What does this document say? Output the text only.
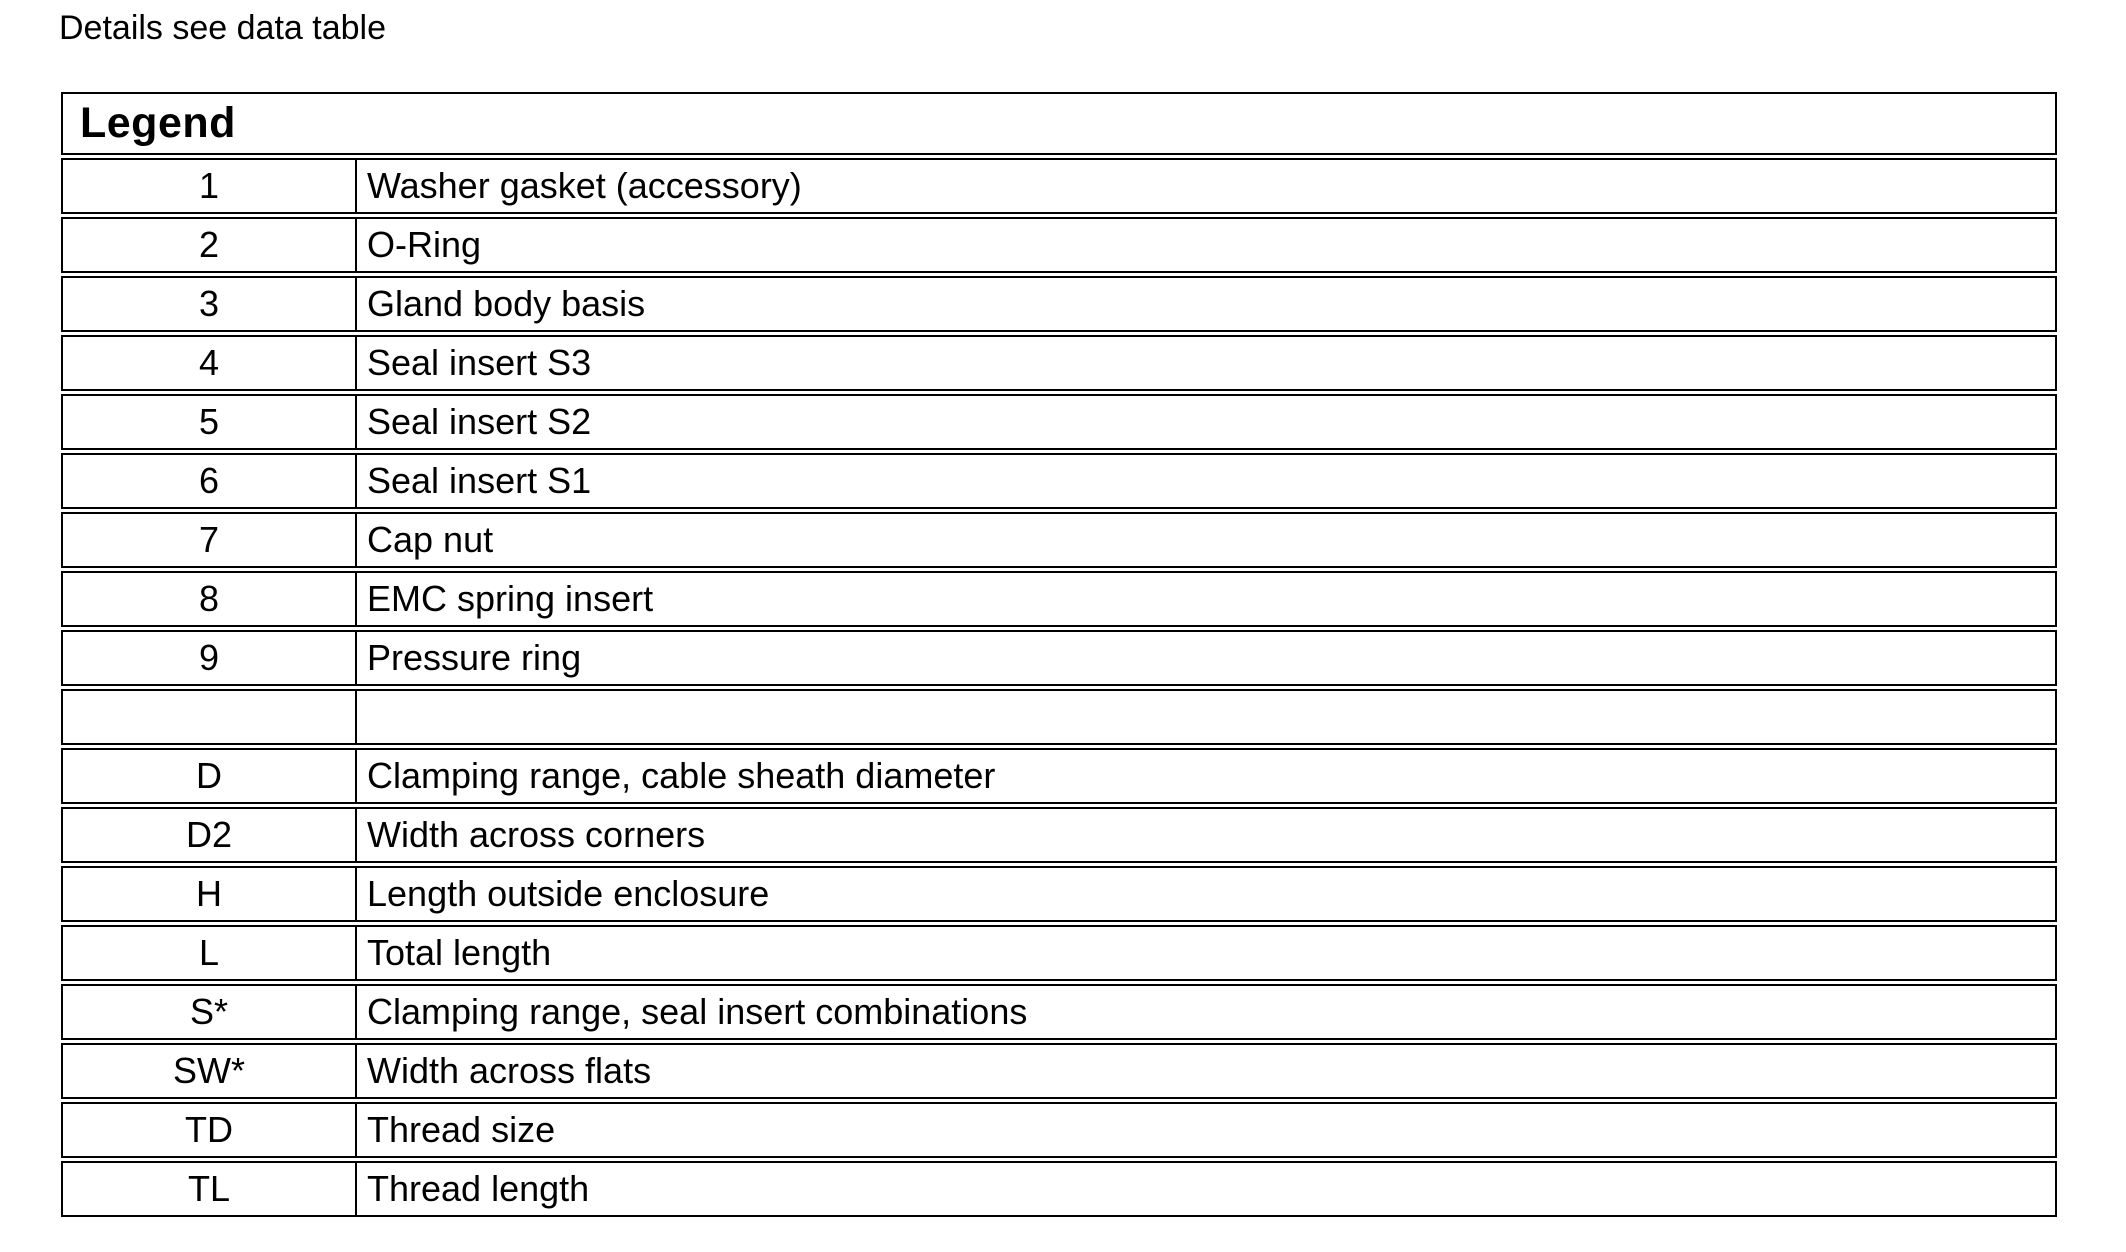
Details see data table
Legend
1	Washer gasket (accessory)
2	O-Ring
3	Gland body basis
4	Seal insert S3
5	Seal insert S2
6	Seal insert S1
7	Cap nut
8	EMC spring insert
9	Pressure ring
D	Clamping range, cable sheath diameter
D2	Width across corners
H	Length outside enclosure
L	Total length
S*	Clamping range, seal insert combinations
SW*	Width across flats
TD	Thread size
TL	Thread length
